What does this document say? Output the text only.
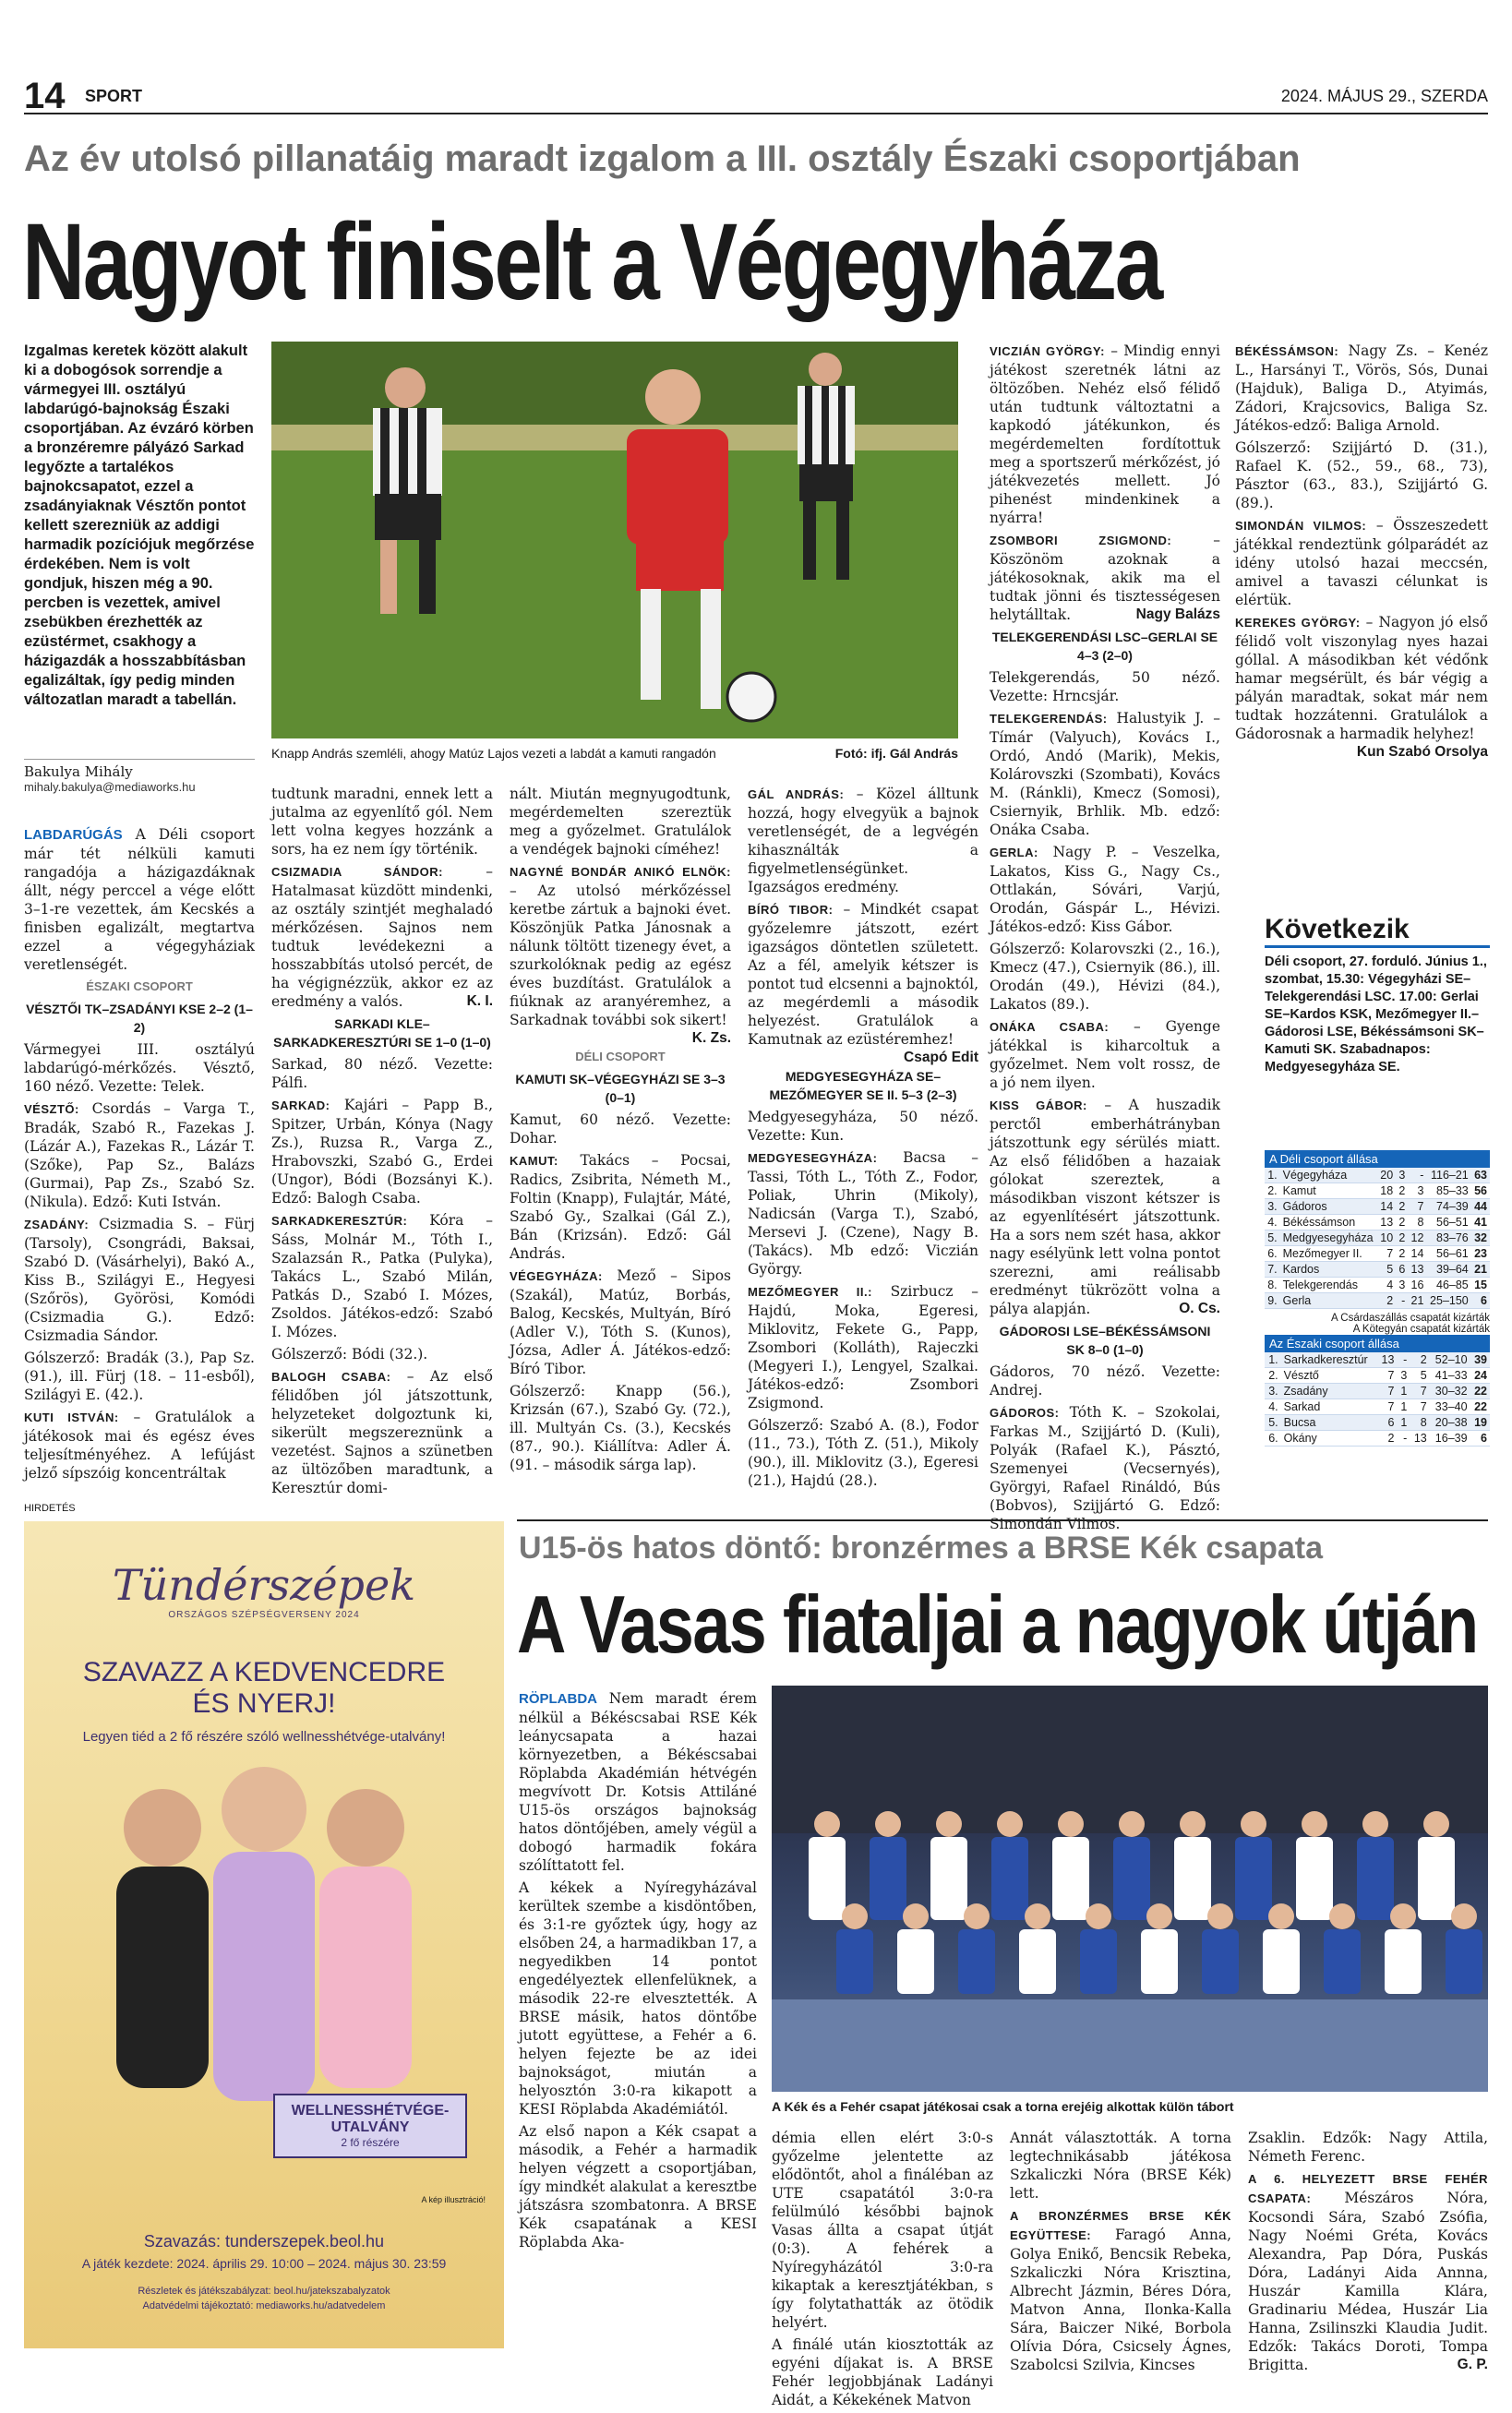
14 SPORT	2024. MÁJUS 29., SZERDA
Az év utolsó pillanatáig maradt izgalom a III. osztály Északi csoportjában
Nagyot finiselt a Végegyháza
Izgalmas keretek között alakult ki a dobogósok sorrendje a vármegyei III. osztályú labdarúgó-bajnokság Északi csoportjában. Az évzáró körben a bronzéremre pályázó Sarkad legyőzte a tartalékos bajnokcsapatot, ezzel a zsadányiaknak Vésztőn pontot kellett szerezniük az addigi harmadik pozíciójuk megőrzése érdekében. Nem is volt gondjuk, hiszen még a 90. percben is vezettek, amivel zsebükben érezhették az ezüstérmet, csakhogy a házigazdák a hosszabbításban egalizáltak, így pedig minden változatlan maradt a tabellán.
Bakulya Mihály
mihaly.bakulya@mediaworks.hu
Knapp András szemléli, ahogy Matúz Lajos vezeti a labdát a kamuti rangadón	Fotó: ifj. Gál András

LABDARÚGÁS A Déli csoport már tét nélküli kamuti rangadója a házigazdáknak állt, négy perccel a vége előtt 3–1-re vezettek, ám Kecskés a finisben egalizált, megtartva ezzel a végegyháziak veretlenségét.

ÉSZAKI CSOPORT

VÉSZTŐI TK–ZSADÁNYI KSE 2–2 (1–2)

Vármegyei III. osztályú labdarúgó-mérkőzés. Vésztő, 160 néző. Vezette: Telek.

VÉSZTŐ: Csordás – Varga T., Bradák, Szabó R., Fazekas J. (Lázár A.), Fazekas R., Lázár T. (Szőke), Pap Sz., Balázs (Gurmai), Pap Zs., Szabó Sz. (Nikula). Edző: Kuti István.

ZSADÁNY: Csizmadia S. – Fürj (Tarsoly), Csongrádi, Baksai, Szabó D. (Vásárhelyi), Bakó A., Kiss B., Szilágyi E., Hegyesi (Szőrös), Györösi, Komódi (Csizmadia G.). Edző: Csizmadia Sándor.

Gólszerző: Bradák (3.), Pap Sz. (91.), ill. Fürj (18. – 11-esből), Szilágyi E. (42.).

KUTI ISTVÁN: – Gratulálok a játékosok mai és egész éves teljesítményéhez. A lefújást jelző sípszóig koncentráltak

tudtunk maradni, ennek lett a jutalma az egyenlítő gól. Nem lett volna kegyes hozzánk a sors, ha ez nem így történik.

CSIZMADIA SÁNDOR:	– Hatalmasat küzdött mindenki, az osztály szintjét meghaladó mérkőzésen. Sajnos nem tudtuk levédekezni a hosszabbítás utolsó percét, de ha végignézzük, akkor ez az eredmény a valós.	K. I.

SARKADI KLE–SARKADKERESZTÚRI SE 1–0 (1–0)

Sarkad, 80 néző. Vezette: Pálfi.

SARKAD: Kajári – Papp B., Spitzer, Urbán, Kónya (Nagy Zs.), Ruzsa R., Varga Z., Hrabovszki, Szabó G., Erdei (Ungor), Bódi (Bozsányi K.). Edző: Balogh Csaba.

SARKADKERESZTÚR: Kóra – Sáss, Molnár M., Tóth I., Szalazsán R., Patka (Pulyka), Takács L., Szabó Milán, Patkás D., Szabó I. Mózes, Zsoldos. Játékos-edző: Szabó I. Mózes.

Gólszerző: Bódi (32.).

BALOGH CSABA: – Az első félidőben jól játszottunk, helyzeteket dolgoztunk ki, sikerült megszereznünk a vezetést. Sajnos a szünetben az ültözőben maradtunk, a Keresztúr domi-

nált. Miután megnyugodtunk, megérdemelten szereztük meg a győzelmet. Gratulálok a vendégek bajnoki címéhez!

NAGYNÉ BONDÁR ANIKÓ ELNÖK: – Az utolsó mérkőzéssel keretbe zártuk a bajnoki évet. Köszönjük Patka Jánosnak a nálunk töltött tizenegy évet, a szurkolóknak pedig az egész éves buzdítást. Gratulálok a fiúknak az aranyéremhez, a Sarkadnak további sok sikert!
K. Zs.

DÉLI CSOPORT

KAMUTI SK–VÉGEGYHÁZI SE 3–3 (0–1)

Kamut, 60 néző. Vezette: Dohar.

KAMUT: Takács – Pocsai, Radics, Zsibrita, Németh M., Foltin (Knapp), Fulajtár, Máté, Szabó Gy., Szalkai (Gál Z.), Bán (Krizsán). Edző: Gál András.

VÉGEGYHÁZA: Mező – Sipos (Szakál), Matúz, Borbás, Balog, Kecskés, Multyán, Bíró (Adler V.), Tóth S. (Kunos), Józsa, Adler Á. Játékos-edző: Bíró Tibor.

Gólszerző: Knapp (56.), Krizsán (67.), Szabó Gy. (72.), ill. Multyán Cs. (3.), Kecskés (87., 90.). Kiállítva: Adler Á. (91. – második sárga lap).

GÁL ANDRÁS: – Közel álltunk hozzá, hogy elvegyük a bajnok veretlenségét, de a legvégén kihasználták a figyelmetlenségünket. Igazságos eredmény.

BÍRÓ TIBOR: – Mindkét csapat győzelemre játszott, ezért igazságos döntetlen született. Az a fél, amelyik kétszer is pontot tud elcsenni a bajnoktól, az megérdemli a második helyezést. Gratulálok a Kamutnak az ezüstéremhez!
Csapó Edit

MEDGYESEGYHÁZA SE–MEZŐMEGYER SE II. 5–3 (2–3)

Medgyesegyháza, 50 néző. Vezette: Kun.

MEDGYESEGYHÁZA: Bacsa – Tassi, Tóth L., Tóth Z., Fodor, Poliak, Uhrin (Mikoly), Nadicsán (Varga T.), Szabó, Mersevi J. (Czene), Nagy B. (Takács). Mb edző: Viczián György.

MEZŐMEGYER II.: Szirbucz – Hajdú, Moka, Egeresi, Miklovitz, Fekete G., Papp, Zsombori (Kolláth), Rajeczki (Megyeri I.), Lengyel, Szalkai. Játékos-edző: Zsombori Zsigmond.

Gólszerző: Szabó A. (8.), Fodor (11., 73.), Tóth Z. (51.), Mikoly (90.), ill. Miklovitz (3.), Egeresi (21.), Hajdú (28.).

VICZIÁN GYÖRGY: – Mindig ennyi játékost szeretnék látni az öltözőben. Nehéz első félidő után tudtunk változtatni a kapkodó játékunkon, és megérdemelten fordítottuk meg a sportszerű mérkőzést, jó játékvezetés mellett. Jó pihenést mindenkinek a nyárra!

ZSOMBORI ZSIGMOND:	– Köszönöm azoknak a játékosoknak, akik ma el tudtak jönni és tisztességesen helytálltak.	Nagy Balázs

TELEKGERENDÁSI LSC–GERLAI SE 4–3 (2–0)

Telekgerendás, 50 néző. Vezette: Hrncsjár.

TELEKGERENDÁS: Halustyik J. – Tímár (Valyuch), Kovács I., Ordó, Andó (Marik), Mekis, Kolárovszki (Szombati), Kovács M. (Ránkli), Kmecz (Somosi), Csiernyik, Brhlik. Mb. edző: Onáka Csaba.

GERLA: Nagy P. – Veszelka, Lakatos, Kiss G., Nagy Cs., Ottlakán, Sóvári, Varjú, Orodán, Gáspár L., Hévizi. Játékos-edző: Kiss Gábor.

Gólszerző: Kolarovszki (2., 16.), Kmecz (47.), Csiernyik (86.), ill. Orodán (49.), Hévizi (84.), Lakatos (89.).

ONÁKA CSABA: – Gyenge játékkal is kiharcoltuk a győzelmet. Nem volt rossz, de a jó nem ilyen.

KISS GÁBOR: – A huszadik perctől emberhátrányban játszottunk egy sérülés miatt. Az első félidőben a hazaiak gólokat szereztek, a másodikban viszont kétszer is az egyenlítésért játszottunk. Ha a sors nem szét hasa, akkor nagy esélyünk lett volna pontot szerezni, ami reálisabb eredményt tükrözött volna a pálya alapján.	O. Cs.

GÁDOROSI LSE–BÉKÉSSÁMSONI SK 8–0 (1–0)

Gádoros, 70 néző. Vezette: Andrej.

GÁDOROS: Tóth K. – Szokolai, Farkas M., Szijjártó D. (Kuli), Polyák (Rafael K.), Pásztó, Szemenyei (Vecsernyés), Györgyi, Rafael Rináldó, Bús (Bobvos), Szijjártó G. Edző: Simondán Vilmos.

BÉKÉSSÁMSON: Nagy Zs. – Kenéz L., Harsányi T., Vörös, Sós, Dunai (Hajduk), Baliga D., Atyimás, Zádori, Krajcsovics, Baliga Sz. Játékos-edző: Baliga Arnold.

Gólszerző: Szijjártó D. (31.), Rafael K. (52., 59., 68., 73), Pásztor (63., 83.), Szijjártó G. (89.).

SIMONDÁN VILMOS: – Összeszedett játékkal rendeztünk gólparádét az idény utolsó hazai meccsén, amivel a tavaszi célunkat is elértük.

KEREKES GYÖRGY: – Nagyon jó első félidő volt viszonylag nyes hazai góllal. A másodikban két védőnk hamar megsérült, és bár végig a pályán maradtak, sokat már nem tudtak hozzátenni. Gratulálok a Gádorosnak a harmadik helyhez!
Kun Szabó Orsolya

Következik
Déli csoport, 27. forduló. Június 1., szombat, 15.30: Végegyházi SE–Telekgerendási LSC. 17.00: Gerlai SE–Kardos KSK, Mezőmegyer II.–Gádorosi LSE, Békéssámsoni SK–Kamuti SK. Szabadnapos: Medgyesegyháza SE.
A Déli csoport állása
1.	Végegyháza	20	3	-	116–21	63
2.	Kamut	18	2	3	85–33	56
3.	Gádoros	14	2	7	74–39	44
4.	Békéssámson	13	2	8	56–51	41
5.	Medgyesegyháza	10	2	12	83–76	32
6.	Mezőmegyer II.	7	2	14	56–61	23
7.	Kardos	5	6	13	39–64	21
8.	Telekgerendás	4	3	16	46–85	15
9.	Gerla	2	-	21	25–150	6
A Csárdaszállás csapatát kizárták
A Kötegyán csapatát kizárták
Az Északi csoport állása
1.	Sarkadkeresztúr	13	-	2	52–10	39
2.	Vésztő	7	3	5	41–33	24
3.	Zsadány	7	1	7	30–32	22
4.	Sarkad	7	1	7	33–40	22
5.	Bucsa	6	1	8	20–38	19
6.	Okány	2	-	13	16–39	6
HIRDETÉS
Tündérszépek
ORSZÁGOS SZÉPSÉGVERSENY 2024
SZAVAZZ A KEDVENCEDRE
ÉS NYERJ!
Legyen tiéd a 2 fő részére szóló wellnesshétvége-utalvány!
WELLNESSHÉTVÉGE-
UTALVÁNY
2 fő részére
A kép illusztráció!
Szavazás: tunderszepek.beol.hu
A játék kezdete: 2024. április 29. 10:00 – 2024. május 30. 23:59
Részletek és játékszabályzat: beol.hu/jatekszabalyzatok
Adatvédelmi tájékoztató: mediaworks.hu/adatvedelem
U15-ös hatos döntő: bronzérmes a BRSE Kék csapata
A Vasas fiataljai a nagyok útján

RÖPLABDA Nem maradt érem nélkül a Békéscsabai RSE Kék leánycsapata a hazai környezetben, a Békéscsabai Röplabda Akadémián hétvégén megvívott Dr. Kotsis Attiláné U15-ös országos bajnokság hatos döntőjében, amely végül a dobogó harmadik fokára szólíttatott fel.

A kékek a Nyíregyházával kerültek szembe a kisdöntőben, és 3:1-re győztek úgy, hogy az elsőben 24, a harmadikban 17, a negyedikben 14 pontot engedélyeztek ellenfelüknek, a második 22-re elvesztették. A BRSE másik, hatos döntőbe jutott együttese, a Fehér a 6. helyen fejezte be az idei bajnokságot, miután a helyosztón 3:0-ra kikapott a KESI Röplabda Akadémiától.

Az első napon a Kék csapat a második, a Fehér a harmadik helyen végzett a csoportjában, így mindkét alakulat a keresztbe játszásra szombatonra. A BRSE Kék csapatának a KESI Röplabda Aka-

A Kék és a Fehér csapat játékosai csak a torna erejéig alkottak külön tábort

démia ellen elért 3:0-s győzelme jelentette az elődöntőt, ahol a fináléban az UTE csapatától 3:0-ra felülmúló későbbi bajnok Vasas állta a csapat útját (0:3). A fehérek a Nyíregyházától 3:0-ra kikaptak a keresztjátékban, s így folytathatták az ötödik helyért.

A finálé után kiosztották az egyéni díjakat is. A BRSE Fehér legjobbjának Ladányi Aidát, a Kékekének Matvon

Annát választották. A torna legtechnikásabb játékosa Szkaliczki Nóra (BRSE Kék) lett.

A BRONZÉRMES BRSE KÉK EGYÜTTESE: Faragó Anna, Golya Enikő, Bencsik Rebeka, Szkaliczki Nóra Krisztina, Albrecht Jázmin, Béres Dóra, Matvon Anna, Ilonka-Kalla Sára, Baiczer Niké, Borbola Olívia Dóra, Csicsely Ágnes, Szabolcsi Szilvia, Kincses

Zsaklin. Edzők: Nagy Attila, Németh Ferenc.

A 6. HELYEZETT BRSE FEHÉR CSAPATA: Mészáros Nóra, Kocsondi Sára, Szabó Zsófia, Nagy Noémi Gréta, Kovács Alexandra, Pap Dóra, Puskás Dóra, Ladányi Aida Annna, Huszár Kamilla Klára, Gradinariu Médea, Huszár Lia Hanna, Zsilinszki Klaudia Judit. Edzők: Takács Doroti, Tompa Brigitta.	G. P.
